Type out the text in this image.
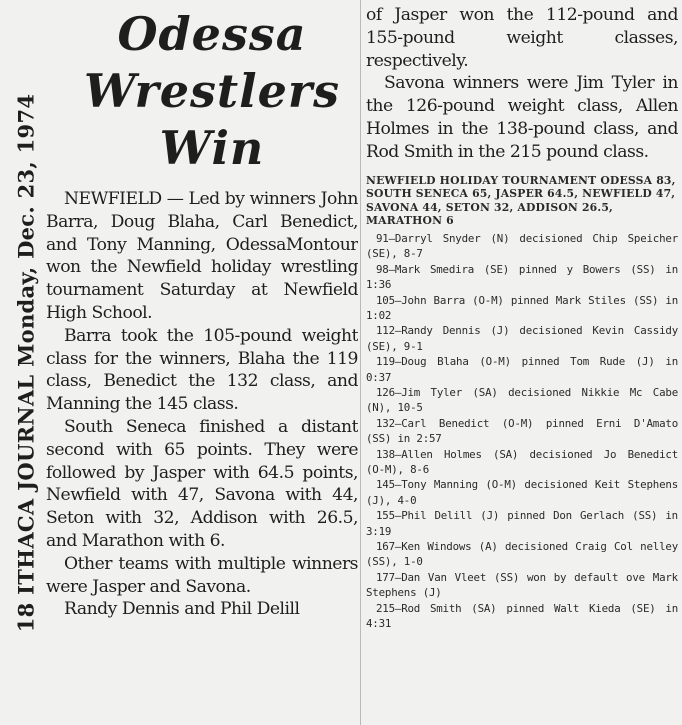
18 ITHACA JOURNAL Monday, Dec. 23, 1974
Odessa
Wrestlers
Win

NEWFIELD — Led by winners John Barra, Doug Blaha, Carl Benedict, and Tony Manning, OdessaMontour won the Newfield holiday wrestling tournament Saturday at Newfield High School.

Barra took the 105-pound weight class for the winners, Blaha the 119 class, Benedict the 132 class, and Manning the 145 class.

South Seneca finished a distant second with 65 points. They were followed by Jasper with 64.5 points, Newfield with 47, Savona with 44, Seton with 32, Addison with 26.5, and Marathon with 6.

Other teams with multiple winners were Jasper and Savona.

Randy Dennis and Phil Delill

of Jasper won the 112-pound and 155-pound weight classes, respectively.

Savona winners were Jim Tyler in the 126-pound weight class, Allen Holmes in the 138-pound class, and Rod Smith in the 215 pound class.

NEWFIELD HOLIDAY TOURNAMENT ODESSA 83, SOUTH SENECA 65, JASPER 64.5, NEWFIELD 47, SAVONA 44, SETON 32, ADDISON 26.5, MARATHON 6

91—Darryl Snyder (N) decisioned Chip Speicher (SE), 8-7
98—Mark Smedira (SE) pinned y Bowers (SS) in 1:36
105—John Barra (O-M) pinned Mark Stiles (SS) in 1:02
112—Randy Dennis (J) decisioned Kevin Cassidy (SE), 9-1
119—Doug Blaha (O-M) pinned Tom Rude (J) in 0:37
126—Jim Tyler (SA) decisioned Nikkie Mc Cabe (N), 10-5
132—Carl Benedict (O-M) pinned Erni D'Amato (SS) in 2:57
138—Allen Holmes (SA) decisioned Jo Benedict (O-M), 8-6
145—Tony Manning (O-M) decisioned Keit Stephens (J), 4-0
155—Phil Delill (J) pinned Don Gerlach (SS) in 3:19
167—Ken Windows (A) decisioned Craig Col nelley (SS), 1-0
177—Dan Van Vleet (SS) won by default ove Mark Stephens (J)
215—Rod Smith (SA) pinned Walt Kieda (SE) in 4:31
